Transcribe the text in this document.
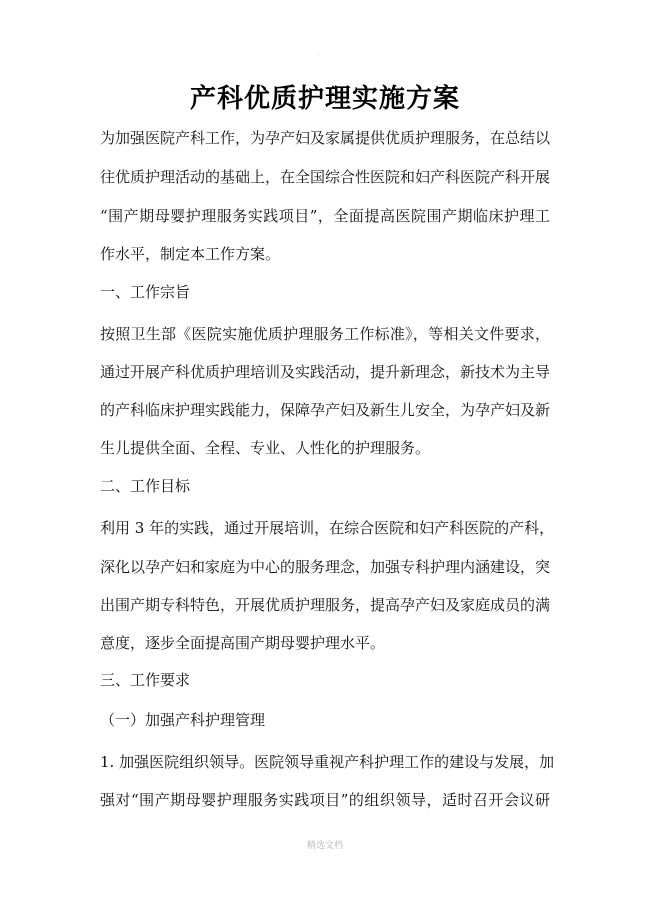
.
产科优质护理实施方案

为加强医院产科工作，为孕产妇及家属提供优质护理服务，在总结以

往优质护理活动的基础上，在全国综合性医院和妇产科医院产科开展

“围产期母婴护理服务实践项目”，全面提高医院围产期临床护理工

作水平，制定本工作方案。

一、工作宗旨

按照卫生部《医院实施优质护理服务工作标准》，等相关文件要求，

通过开展产科优质护理培训及实践活动，提升新理念，新技术为主导

的产科临床护理实践能力，保障孕产妇及新生儿安全，为孕产妇及新

生儿提供全面、全程、专业、人性化的护理服务。

二、工作目标

利用 3 年的实践，通过开展培训，在综合医院和妇产科医院的产科，

深化以孕产妇和家庭为中心的服务理念，加强专科护理内涵建设，突

出围产期专科特色，开展优质护理服务，提高孕产妇及家庭成员的满

意度，逐步全面提高围产期母婴护理水平。

三、工作要求

（一）加强产科护理管理

1. 加强医院组织领导。医院领导重视产科护理工作的建设与发展，加

强对“围产期母婴护理服务实践项目”的组织领导，适时召开会议研

精选文档
